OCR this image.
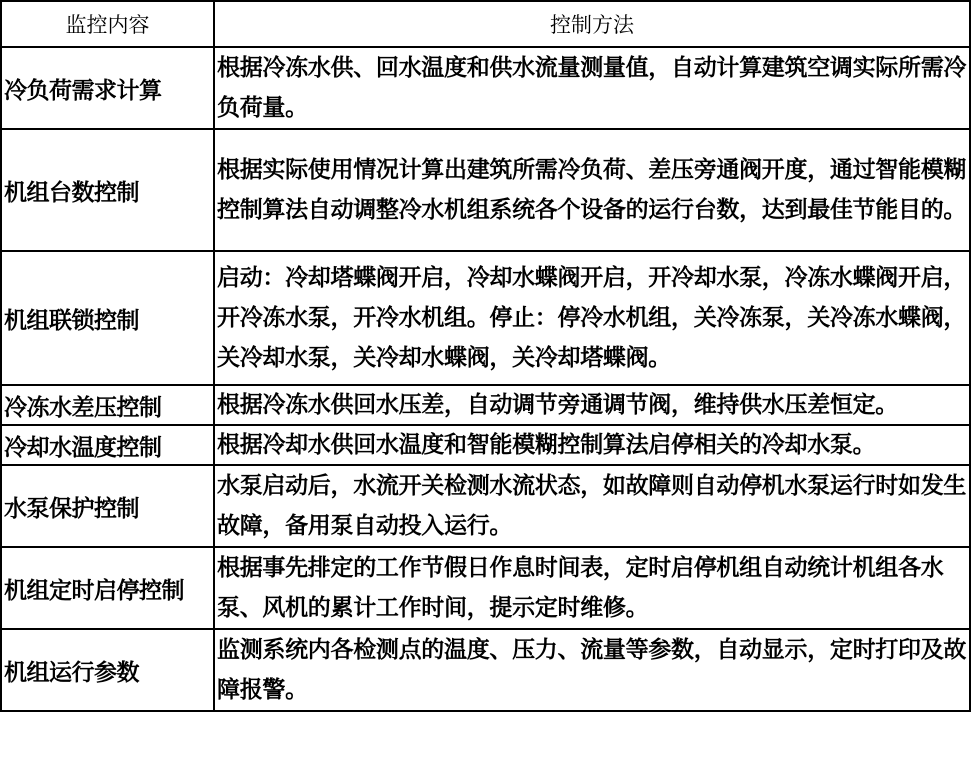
监控内容	控制方法
冷负荷需求计算	根据冷冻水供、回水温度和供水流量测量值，自动计算建筑空调实际所需冷负荷量。
机组台数控制	根据实际使用情况计算出建筑所需冷负荷、差压旁通阀开度，通过智能模糊控制算法自动调整冷水机组系统各个设备的运行台数，达到最佳节能目的。
机组联锁控制	启动：冷却塔蝶阀开启，冷却水蝶阀开启，开冷却水泵，冷冻水蝶阀开启，开冷冻水泵，开冷水机组。停止：停冷水机组，关冷冻泵，关冷冻水蝶阀，关冷却水泵，关冷却水蝶阀，关冷却塔蝶阀。
冷冻水差压控制	根据冷冻水供回水压差，自动调节旁通调节阀，维持供水压差恒定。
冷却水温度控制	根据冷却水供回水温度和智能模糊控制算法启停相关的冷却水泵。
水泵保护控制	水泵启动后，水流开关检测水流状态，如故障则自动停机水泵运行时如发生故障，备用泵自动投入运行。
机组定时启停控制	根据事先排定的工作节假日作息时间表，定时启停机组自动统计机组各水泵、风机的累计工作时间，提示定时维修。
机组运行参数	监测系统内各检测点的温度、压力、流量等参数，自动显示，定时打印及故障报警。
